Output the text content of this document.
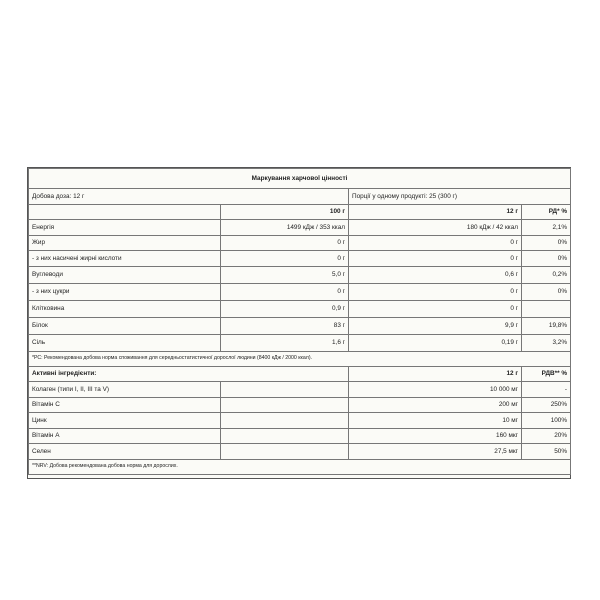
Маркування харчової цінності			
Добова доза: 12 г		Порції у одному продукті: 25 (300 г)	
	100 г	12 г	РД* %
Енергія	1499 кДж / 353 ккал	180 кДж / 42 ккал	2,1%
Жир	0 г	0 г	0%
- з них насичені жирні кислоти	0 г	0 г	0%
Вуглеводи	5,0 г	0,6 г	0,2%
- з них цукри	0 г	0 г	0%
Клітковина	0,9 г	0 г	
Білок	83 г	9,9 г	19,8%
Сіль	1,6 г	0,19 г	3,2%
*РС: Рекомендована добова норма споживання для середньостатистичної дорослої людини (8400 кДж / 2000 ккал).			
Активні інгредієнти:		12 г	РДВ** %
Колаген (типи I, II, III та V)		10 000 мг	-
Вітамін C		200 мг	250%
Цинк		10 мг	100%
Вітамін A		160 мкг	20%
Селен		27,5 мкг	50%
**NRV: Добова рекомендована добова норма для дорослих.			
